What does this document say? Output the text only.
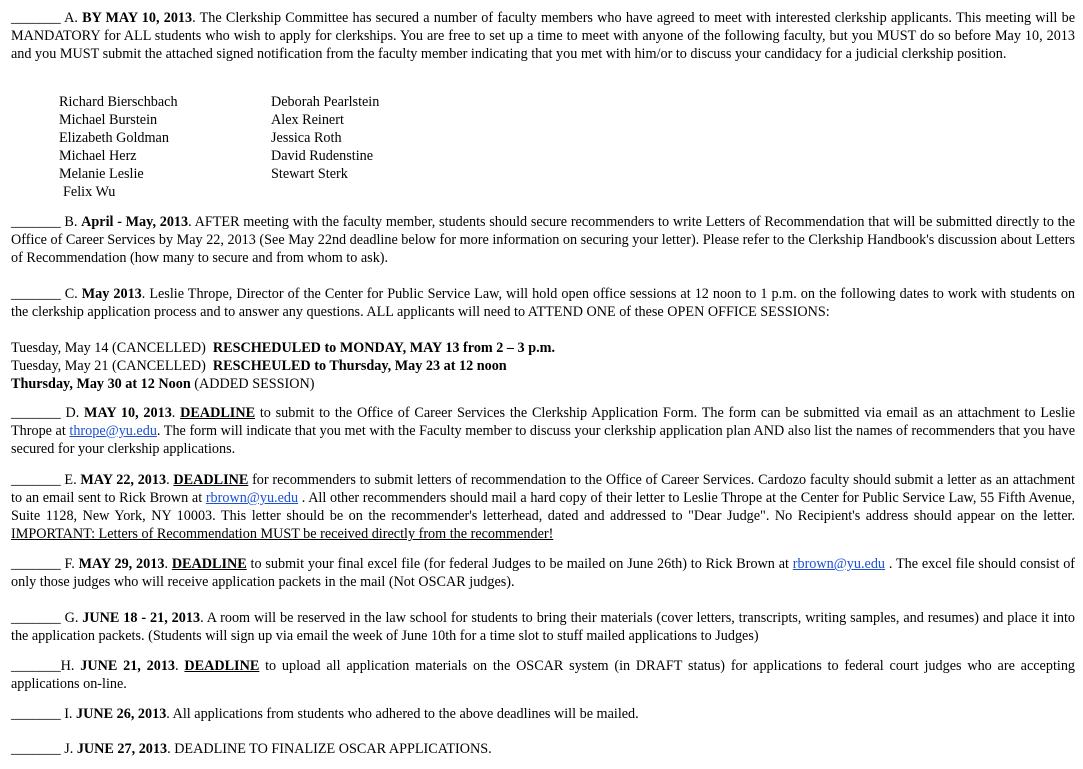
_______ A. BY MAY 10, 2013. The Clerkship Committee has secured a number of faculty members who have agreed to meet with interested clerkship applicants. This meeting will be MANDATORY for ALL students who wish to apply for clerkships. You are free to set up a time to meet with anyone of the following faculty, but you MUST do so before May 10, 2013 and you MUST submit the attached signed notification from the faculty member indicating that you met with him/or to discuss your candidacy for a judicial clerkship position.
Richard Bierschbach
Michael Burstein
Elizabeth Goldman
Michael Herz
Melanie Leslie
Felix Wu
Deborah Pearlstein
Alex Reinert
Jessica Roth
David Rudenstine
Stewart Sterk
_______ B. April - May, 2013. AFTER meeting with the faculty member, students should secure recommenders to write Letters of Recommendation that will be submitted directly to the Office of Career Services by May 22, 2013 (See May 22nd deadline below for more information on securing your letter). Please refer to the Clerkship Handbook's discussion about Letters of Recommendation (how many to secure and from whom to ask).
_______ C. May 2013. Leslie Thrope, Director of the Center for Public Service Law, will hold open office sessions at 12 noon to 1 p.m. on the following dates to work with students on the clerkship application process and to answer any questions. ALL applicants will need to ATTEND ONE of these OPEN OFFICE SESSIONS:
Tuesday, May 14 (CANCELLED)  RESCHEDULED to MONDAY, MAY 13 from 2 – 3 p.m.
Tuesday, May 21 (CANCELLED)  RESCHEULED to Thursday, May 23 at 12 noon
Thursday, May 30 at 12 Noon (ADDED SESSION)
_______ D. MAY 10, 2013. DEADLINE to submit to the Office of Career Services the Clerkship Application Form. The form can be submitted via email as an attachment to Leslie Thrope at thrope@yu.edu. The form will indicate that you met with the Faculty member to discuss your clerkship application plan AND also list the names of recommenders that you have secured for your clerkship applications.
_______ E. MAY 22, 2013. DEADLINE for recommenders to submit letters of recommendation to the Office of Career Services. Cardozo faculty should submit a letter as an attachment to an email sent to Rick Brown at rbrown@yu.edu . All other recommenders should mail a hard copy of their letter to Leslie Thrope at the Center for Public Service Law, 55 Fifth Avenue, Suite 1128, New York, NY 10003. This letter should be on the recommender's letterhead, dated and addressed to "Dear Judge". No Recipient's address should appear on the letter. IMPORTANT: Letters of Recommendation MUST be received directly from the recommender!
_______ F. MAY 29, 2013. DEADLINE to submit your final excel file (for federal Judges to be mailed on June 26th) to Rick Brown at rbrown@yu.edu . The excel file should consist of only those judges who will receive application packets in the mail (Not OSCAR judges).
_______ G. JUNE 18 - 21, 2013. A room will be reserved in the law school for students to bring their materials (cover letters, transcripts, writing samples, and resumes) and place it into the application packets. (Students will sign up via email the week of June 10th for a time slot to stuff mailed applications to Judges)
_______H. JUNE 21, 2013. DEADLINE to upload all application materials on the OSCAR system (in DRAFT status) for applications to federal court judges who are accepting applications on-line.
_______ I. JUNE 26, 2013. All applications from students who adhered to the above deadlines will be mailed.
_______ J. JUNE 27, 2013. DEADLINE TO FINALIZE OSCAR APPLICATIONS.
